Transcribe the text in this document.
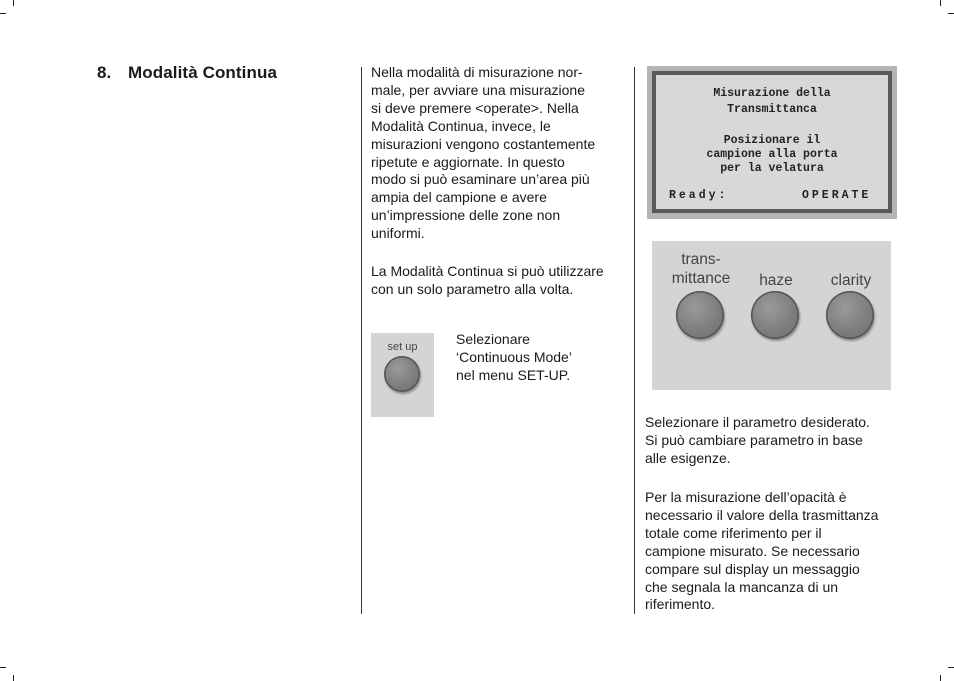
8. Modalità Continua	Nella modalità di misurazione nor-
male, per avviare una misurazione
si deve premere <operate>. Nella
Modalità Continua, invece, le
misurazioni vengono costantemente
ripetute e aggiornate. In questo
modo si può esaminare un’area più
ampia del campione e avere
un’impressione delle zone non
uniformi.

La Modalità Continua si può utilizzare
con un solo parametro alla volta.

set up	Selezionare
‘Continuous Mode’
nel menu SET-UP.

Misurazione della
Transmittanca
Posizionare il
campione alla porta
per la velatura
Ready:	OPERATE
trans-
mittance	haze	clarity

Selezionare il parametro desiderato.
Si può cambiare parametro in base
alle esigenze.

Per la misurazione dell’opacità è
necessario il valore della trasmittanza
totale come riferimento per il
campione misurato. Se necessario
compare sul display un messaggio
che segnala la mancanza di un
riferimento.
